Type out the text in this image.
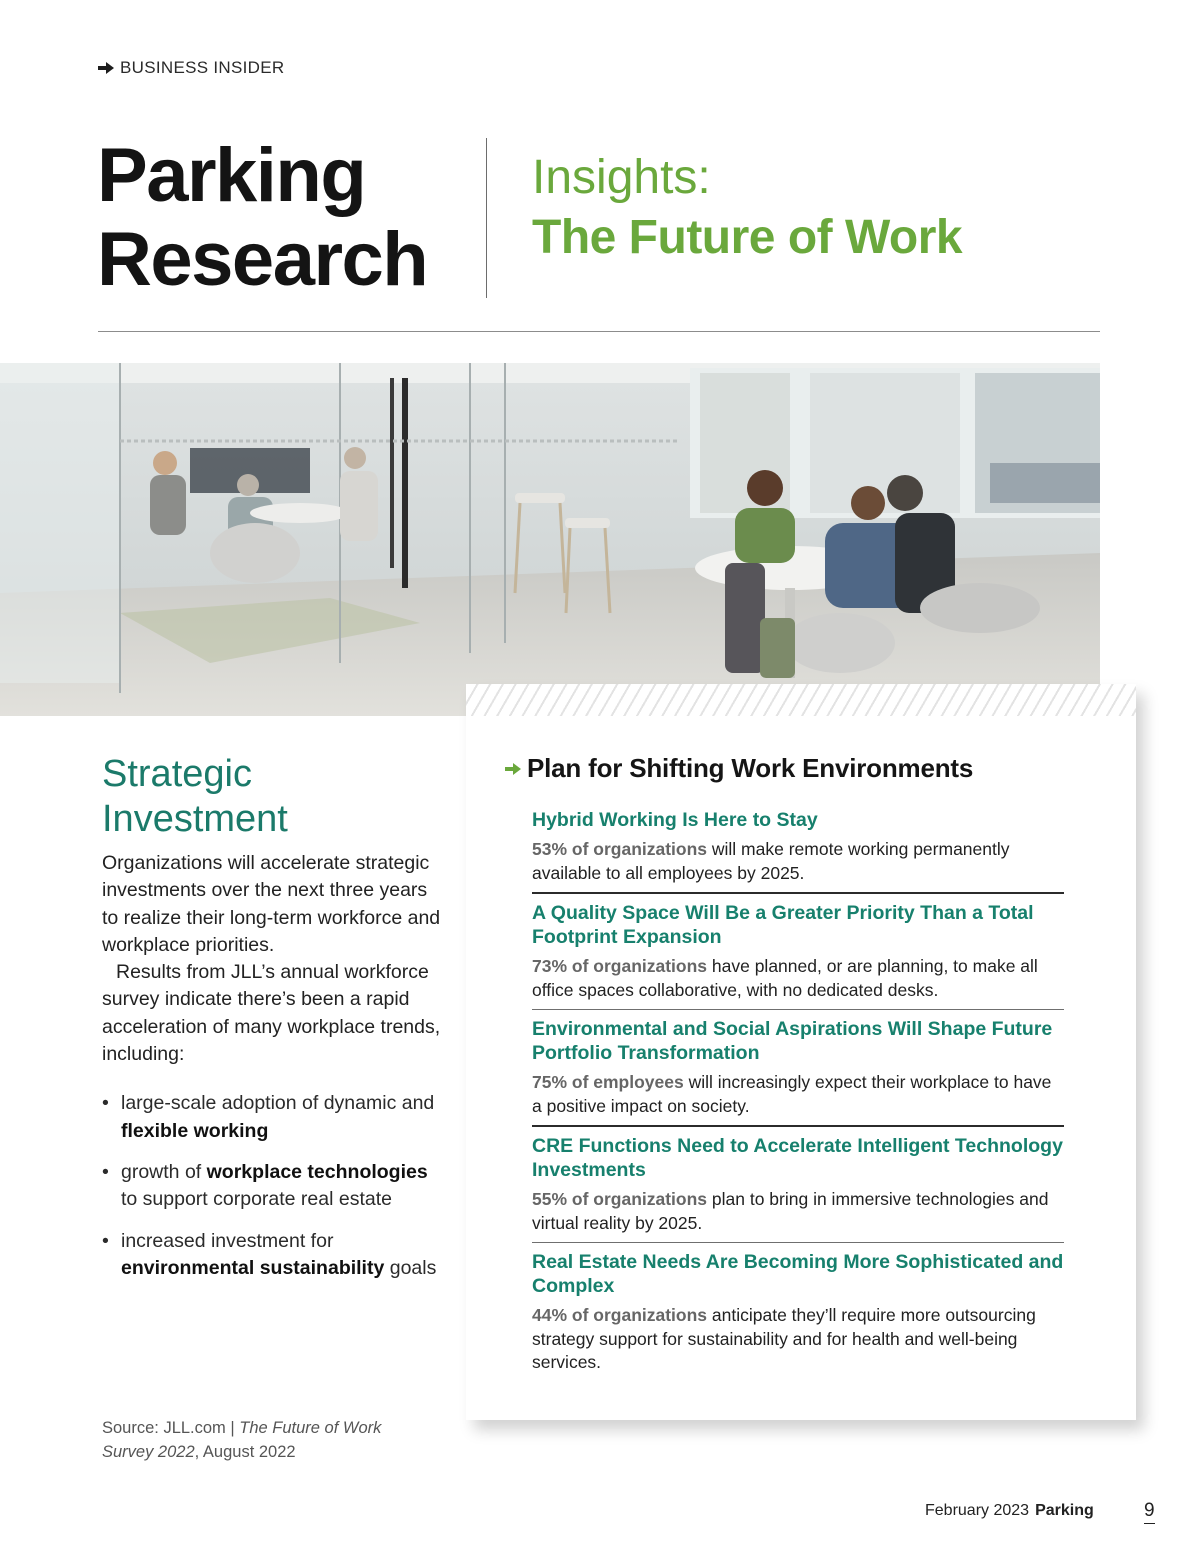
BUSINESS INSIDER
Parking
Research
Insights:
The Future of Work
Strategic
Investment

Organizations will accelerate strategic investments over the next three years to realize their long-term workforce and workplace priorities.
Results from JLL’s annual workforce survey indicate there’s been a rapid acceleration of many workplace trends, including:

• large-scale adoption of dynamic and flexible working
• growth of workplace technologies to support corporate real estate
• increased investment for environmental sustainability goals
Source: JLL.com | The Future of Work Survey 2022, August 2022
Plan for Shifting Work Environments
Hybrid Working Is Here to Stay

53% of organizations will make remote working permanently available to all employees by 2025.

A Quality Space Will Be a Greater Priority Than a Total Footprint Expansion

73% of organizations have planned, or are planning, to make all office spaces collaborative, with no dedicated desks.

Environmental and Social Aspirations Will Shape Future Portfolio Transformation

75% of employees will increasingly expect their workplace to have a positive impact on society.

CRE Functions Need to Accelerate Intelligent Technology Investments

55% of organizations plan to bring in immersive technologies and virtual reality by 2025.

Real Estate Needs Are Becoming More Sophisticated and Complex

44% of organizations anticipate they’ll require more outsourcing strategy support for sustainability and for health and well-being services.

February 2023 Parking	9
